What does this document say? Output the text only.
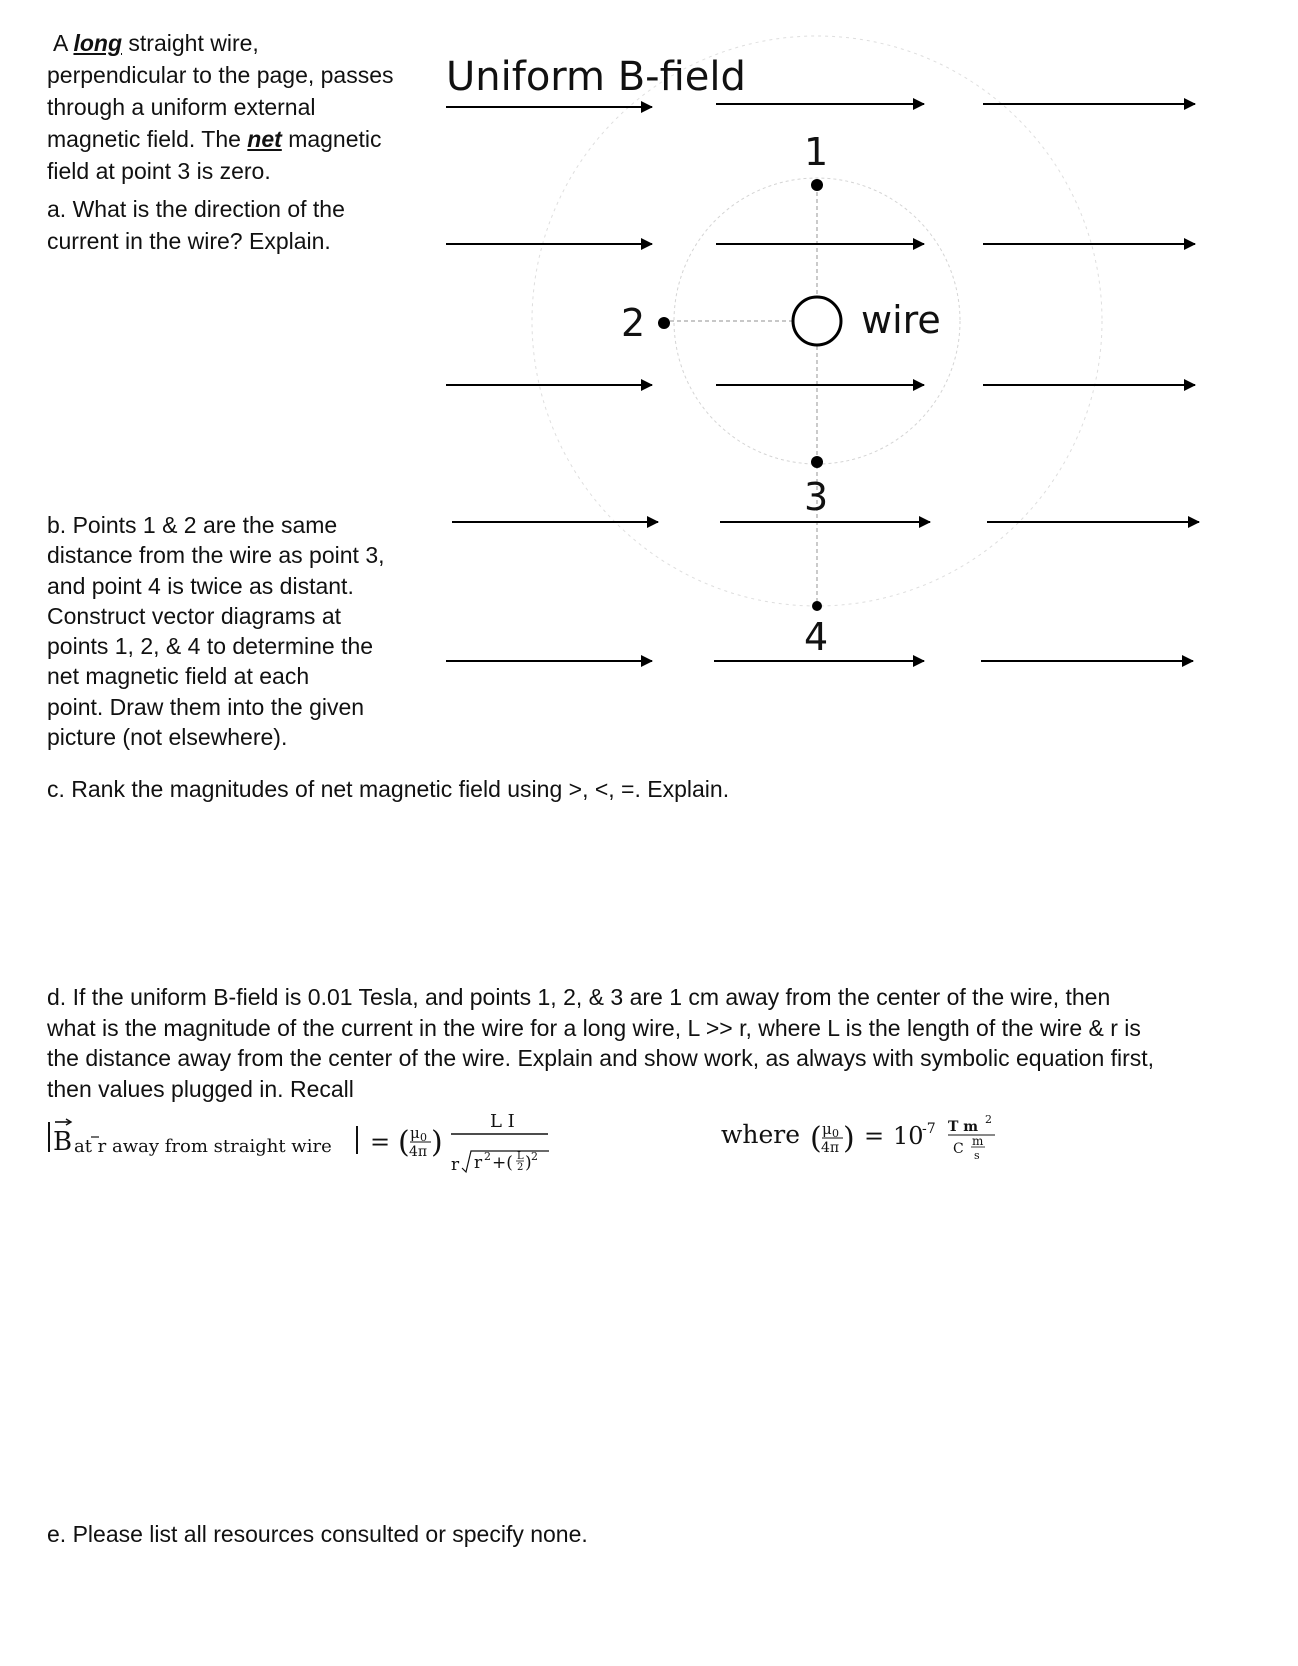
A long straight wire,
perpendicular to the page, passes
through a uniform external
magnetic field. The net magnetic
field at point 3 is zero.
a. What is the direction of the
current in the wire? Explain.
b. Points 1 & 2 are the same
distance from the wire as point 3,
and point 4 is twice as distant.
Construct vector diagrams at
points 1, 2, & 4 to determine the
net magnetic field at each
point. Draw them into the given
picture (not elsewhere).
c. Rank the magnitudes of net magnetic field using >, <, =. Explain.
d. If the uniform B-field is 0.01 Tesla, and points 1, 2, & 3 are 1 cm away from the center of the wire, then
what is the magnitude of the current in the wire for a long wire, L >> r, where L is the length of the wire & r is
the distance away from the center of the wire. Explain and show work, as always with symbolic equation first,
then values plugged in. Recall
B at r away from straight wire = ( μ 0
4π )
L I
r r 2 +( L
2 ) 2
where ( μ 0
4π ) = 10
-7 T m 2
C m
s
e. Please list all resources consulted or specify none.
Uniform B-field
wire
1
2
3
4
